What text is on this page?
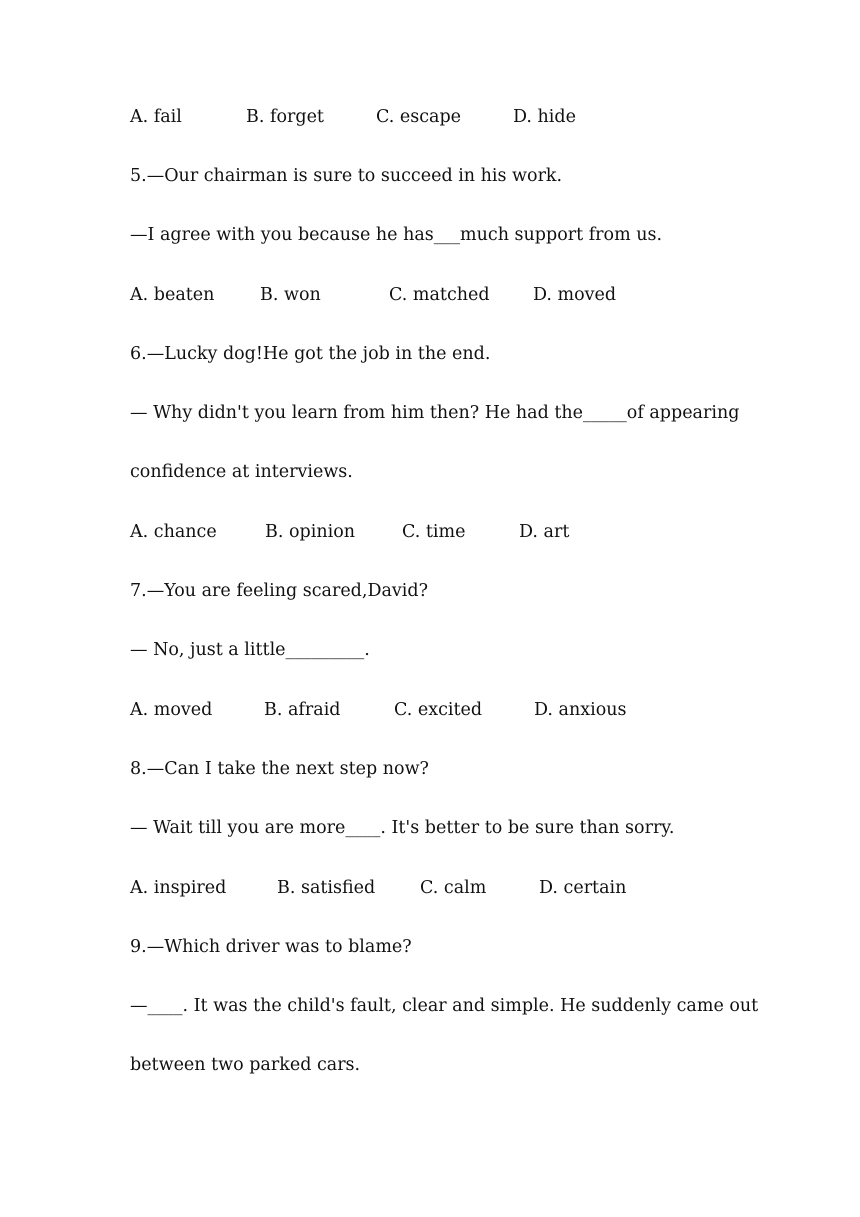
A. fail	B. forget	C. escape	D. hide
5.—Our chairman is sure to succeed in his work.
—I agree with you because he has___much support from us.
A. beaten	B. won	C. matched D. moved
6.—Lucky dog!He got the job in the end.
— Why didn't you learn from him then? He had the_____of appearing
confidence at interviews.
A. chance	B. opinion	C. time	D. art
7.—You are feeling scared,David?
— No, just a little_________.
A. moved	B. afraid	C. excited	D. anxious
8.—Can I take the next step now?
— Wait till you are more____. It's better to be sure than sorry.
A. inspired	B. satisfied	C. calm	D. certain
9.—Which driver was to blame?
—____. It was the child's fault, clear and simple. He suddenly came out
between two parked cars.
